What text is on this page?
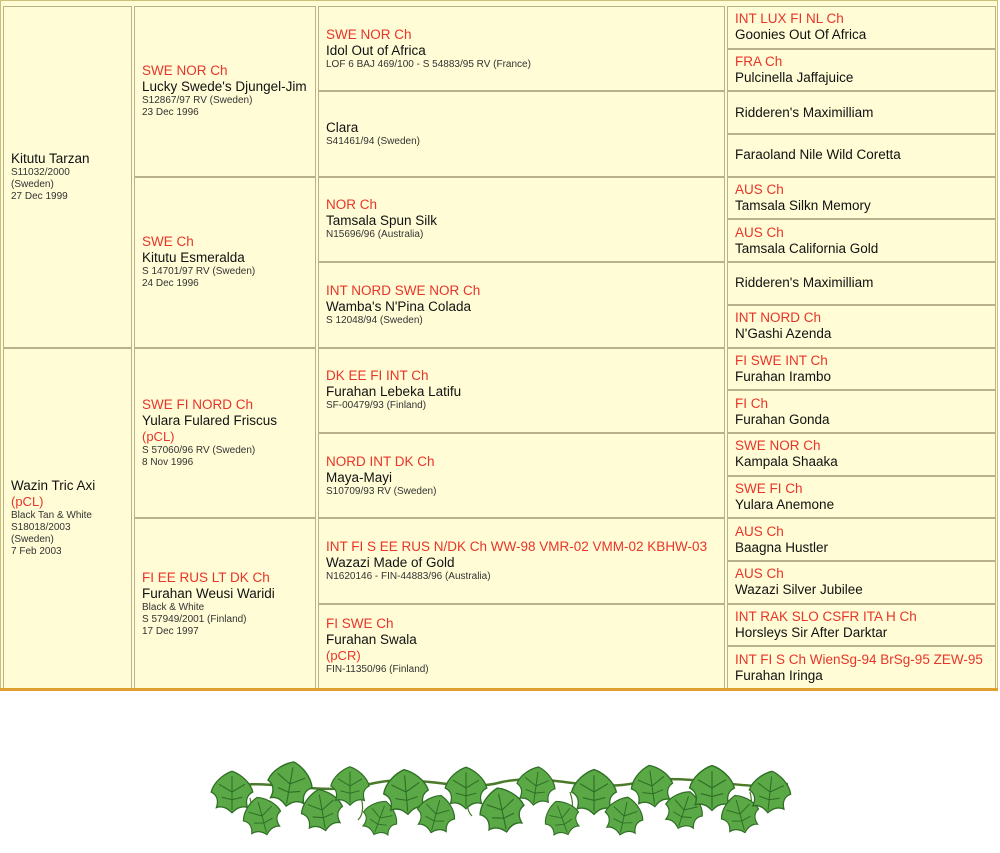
Kitutu Tarzan
S11032/2000
(Sweden)
27 Dec 1999
Wazin Tric Axi
(pCL)
Black Tan & White
S18018/2003
(Sweden)
7 Feb 2003
SWE NOR Ch
Lucky Swede's Djungel-Jim
S12867/97 RV (Sweden)
23 Dec 1996
SWE Ch
Kitutu Esmeralda
S 14701/97 RV (Sweden)
24 Dec 1996
SWE FI NORD Ch
Yulara Fulared Friscus
(pCL)
S 57060/96 RV (Sweden)
8 Nov 1996
FI EE RUS LT DK Ch
Furahan Weusi Waridi
Black & White
S 57949/2001 (Finland)
17 Dec 1997
SWE NOR Ch
Idol Out of Africa
LOF 6 BAJ 469/100 - S 54883/95 RV (France)
Clara
S41461/94 (Sweden)
NOR Ch
Tamsala Spun Silk
N15696/96 (Australia)
INT NORD SWE NOR Ch
Wamba's N'Pina Colada
S 12048/94 (Sweden)
DK EE FI INT Ch
Furahan Lebeka Latifu
SF-00479/93 (Finland)
NORD INT DK Ch
Maya-Mayi
S10709/93 RV (Sweden)
INT FI S EE RUS N/DK Ch WW-98 VMR-02 VMM-02 KBHW-03
Wazazi Made of Gold
N1620146 - FIN-44883/96 (Australia)
FI SWE Ch
Furahan Swala
(pCR)
FIN-11350/96 (Finland)
INT LUX FI NL Ch
Goonies Out Of Africa
FRA Ch
Pulcinella Jaffajuice
Ridderen's Maximilliam
Faraoland Nile Wild Coretta
AUS Ch
Tamsala Silkn Memory
AUS Ch
Tamsala California Gold
Ridderen's Maximilliam
INT NORD Ch
N'Gashi Azenda
FI SWE INT Ch
Furahan Irambo
FI Ch
Furahan Gonda
SWE NOR Ch
Kampala Shaaka
SWE FI Ch
Yulara Anemone
AUS Ch
Baagna Hustler
AUS Ch
Wazazi Silver Jubilee
INT RAK SLO CSFR ITA H Ch
Horsleys Sir After Darktar
INT FI S Ch WienSg-94 BrSg-95 ZEW-95
Furahan Iringa
